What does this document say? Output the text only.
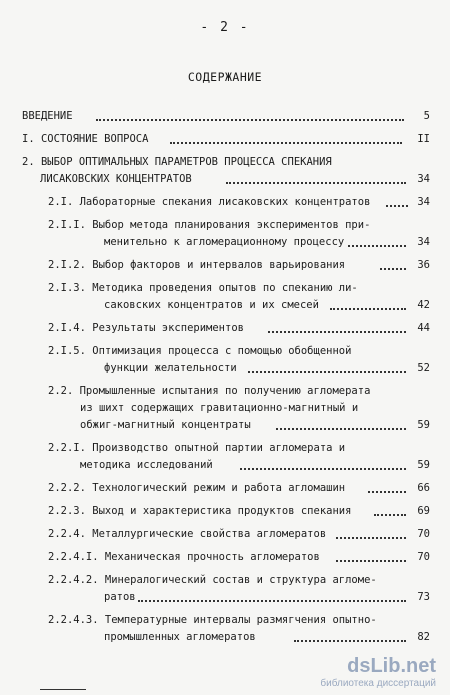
- 2 -
СОДЕРЖАНИЕ
ВВЕДЕНИЕ	5
I. СОСТОЯНИЕ ВОПРОСА	II
2. ВЫБОР ОПТИМАЛЬНЫХ ПАРАМЕТРОВ ПРОЦЕССА СПЕКАНИЯ
ЛИСАКОВСКИХ КОНЦЕНТРАТОВ	34
2.I. Лабораторные спекания лисаковских концентратов	34
2.I.I. Выбор метода планирования экспериментов при-
менительно к агломерационному процессу	34
2.I.2. Выбор факторов и интервалов варьирования	36
2.I.3. Методика проведения опытов по спеканию ли-
саковских концентратов и их смесей	42
2.I.4. Результаты экспериментов	44
2.I.5. Оптимизация процесса с помощью обобщенной
функции желательности	52
2.2. Промышленные испытания по получению агломерата
из шихт содержащих гравитационно-магнитный и
обжиг-магнитный концентраты	59
2.2.I. Производство опытной партии агломерата и
методика исследований	59
2.2.2. Технологический режим и работа агломашин	66
2.2.3. Выход и характеристика продуктов спекания	69
2.2.4. Металлургические свойства агломератов	70
2.2.4.I. Механическая прочность агломератов	70
2.2.4.2. Минералогический состав и структура агломе-
ратов	73
2.2.4.3. Температурные интервалы размягчения опытно-
промышленных агломератов	82
dsLib.net
библиотека диссертаций
